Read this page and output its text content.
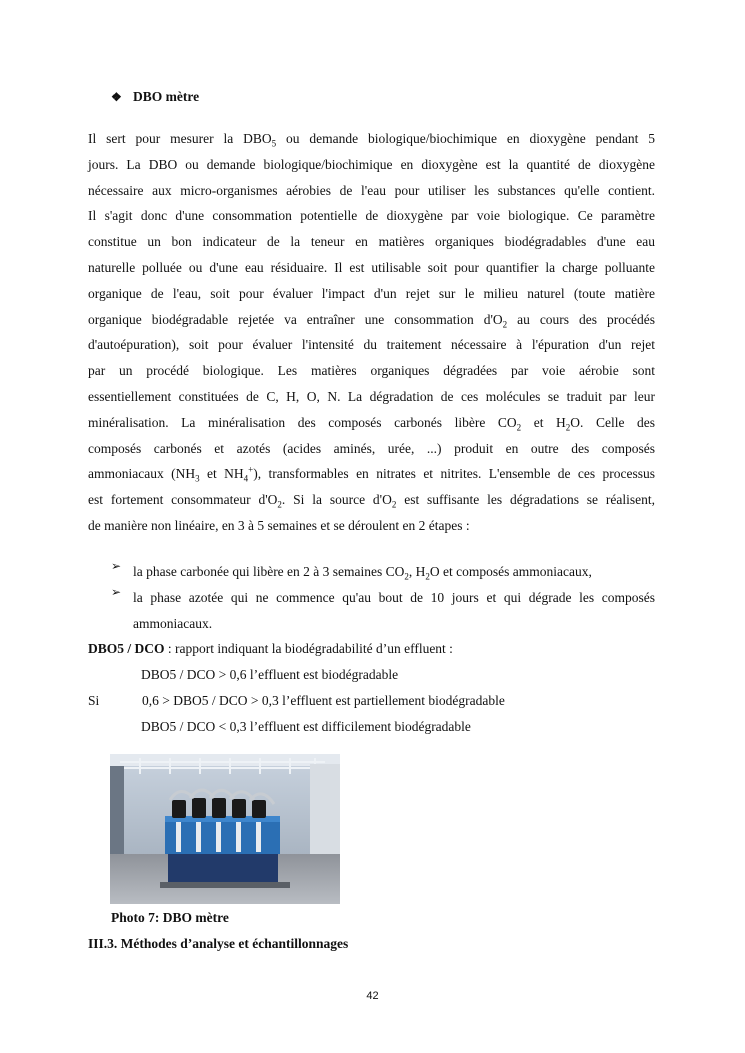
❖ DBO mètre
Il sert pour mesurer la $DBO_5$ ou demande biologique/biochimique en dioxygène pendant 5
jours. La DBO ou demande biologique/biochimique en dioxygène est la quantité de dioxygène
nécessaire aux micro-organismes aérobies de l'eau pour utiliser les substances qu'elle contient.
Il s'agit donc d'une consommation potentielle de dioxygène par voie biologique. Ce paramètre
constitue un bon indicateur de la teneur en matières organiques biodégradables d'une eau
naturelle polluée ou d'une eau résiduaire. Il est utilisable soit pour quantifier la charge polluante
organique de l'eau, soit pour évaluer l'impact d'un rejet sur le milieu naturel (toute matière
organique biodégradable rejetée va entraîner une consommation $d'O_2$ au cours des procédés
d'autoépuration), soit pour évaluer l'intensité du traitement nécessaire à l'épuration d'un rejet
par un procédé biologique. Les matières organiques dégradées par voie aérobie sont
essentiellement constituées de C, H, O, N. La dégradation de ces molécules se traduit par leur
minéralisation. La minéralisation des composés carbonés libère $CO_2$ et $H_2O$. Celle des
composés carbonés et azotés (acides aminés, urée, ...) produit en outre des composés
ammoniacaux ($NH_3$ et $NH_4^+$), transformables en nitrates et nitrites. L'ensemble de ces processus
est fortement consommateur $d'O_2$. Si la source $d'O_2$ est suffisante les dégradations se réalisent,
de manière non linéaire, en 3 à 5 semaines et se déroulent en 2 étapes :
➢ la phase carbonée qui libère en 2 à 3 semaines $CO_2$, $H_2O$ et composés ammoniacaux,
➢ la phase azotée qui ne commence qu'au bout de 10 jours et qui dégrade les composés
ammoniacaux.
DBO5 / DCO : rapport indiquant la biodégradabilité d’un effluent :
DBO5 / DCO > 0,6 l’effluent est biodégradable
Si	0,6 > DBO5 / DCO > 0,3 l’effluent est partiellement biodégradable
DBO5 / DCO < 0,3 l’effluent est difficilement biodégradable
Photo 7: DBO mètre
III.3. Méthodes d’analyse et échantillonnages
42
